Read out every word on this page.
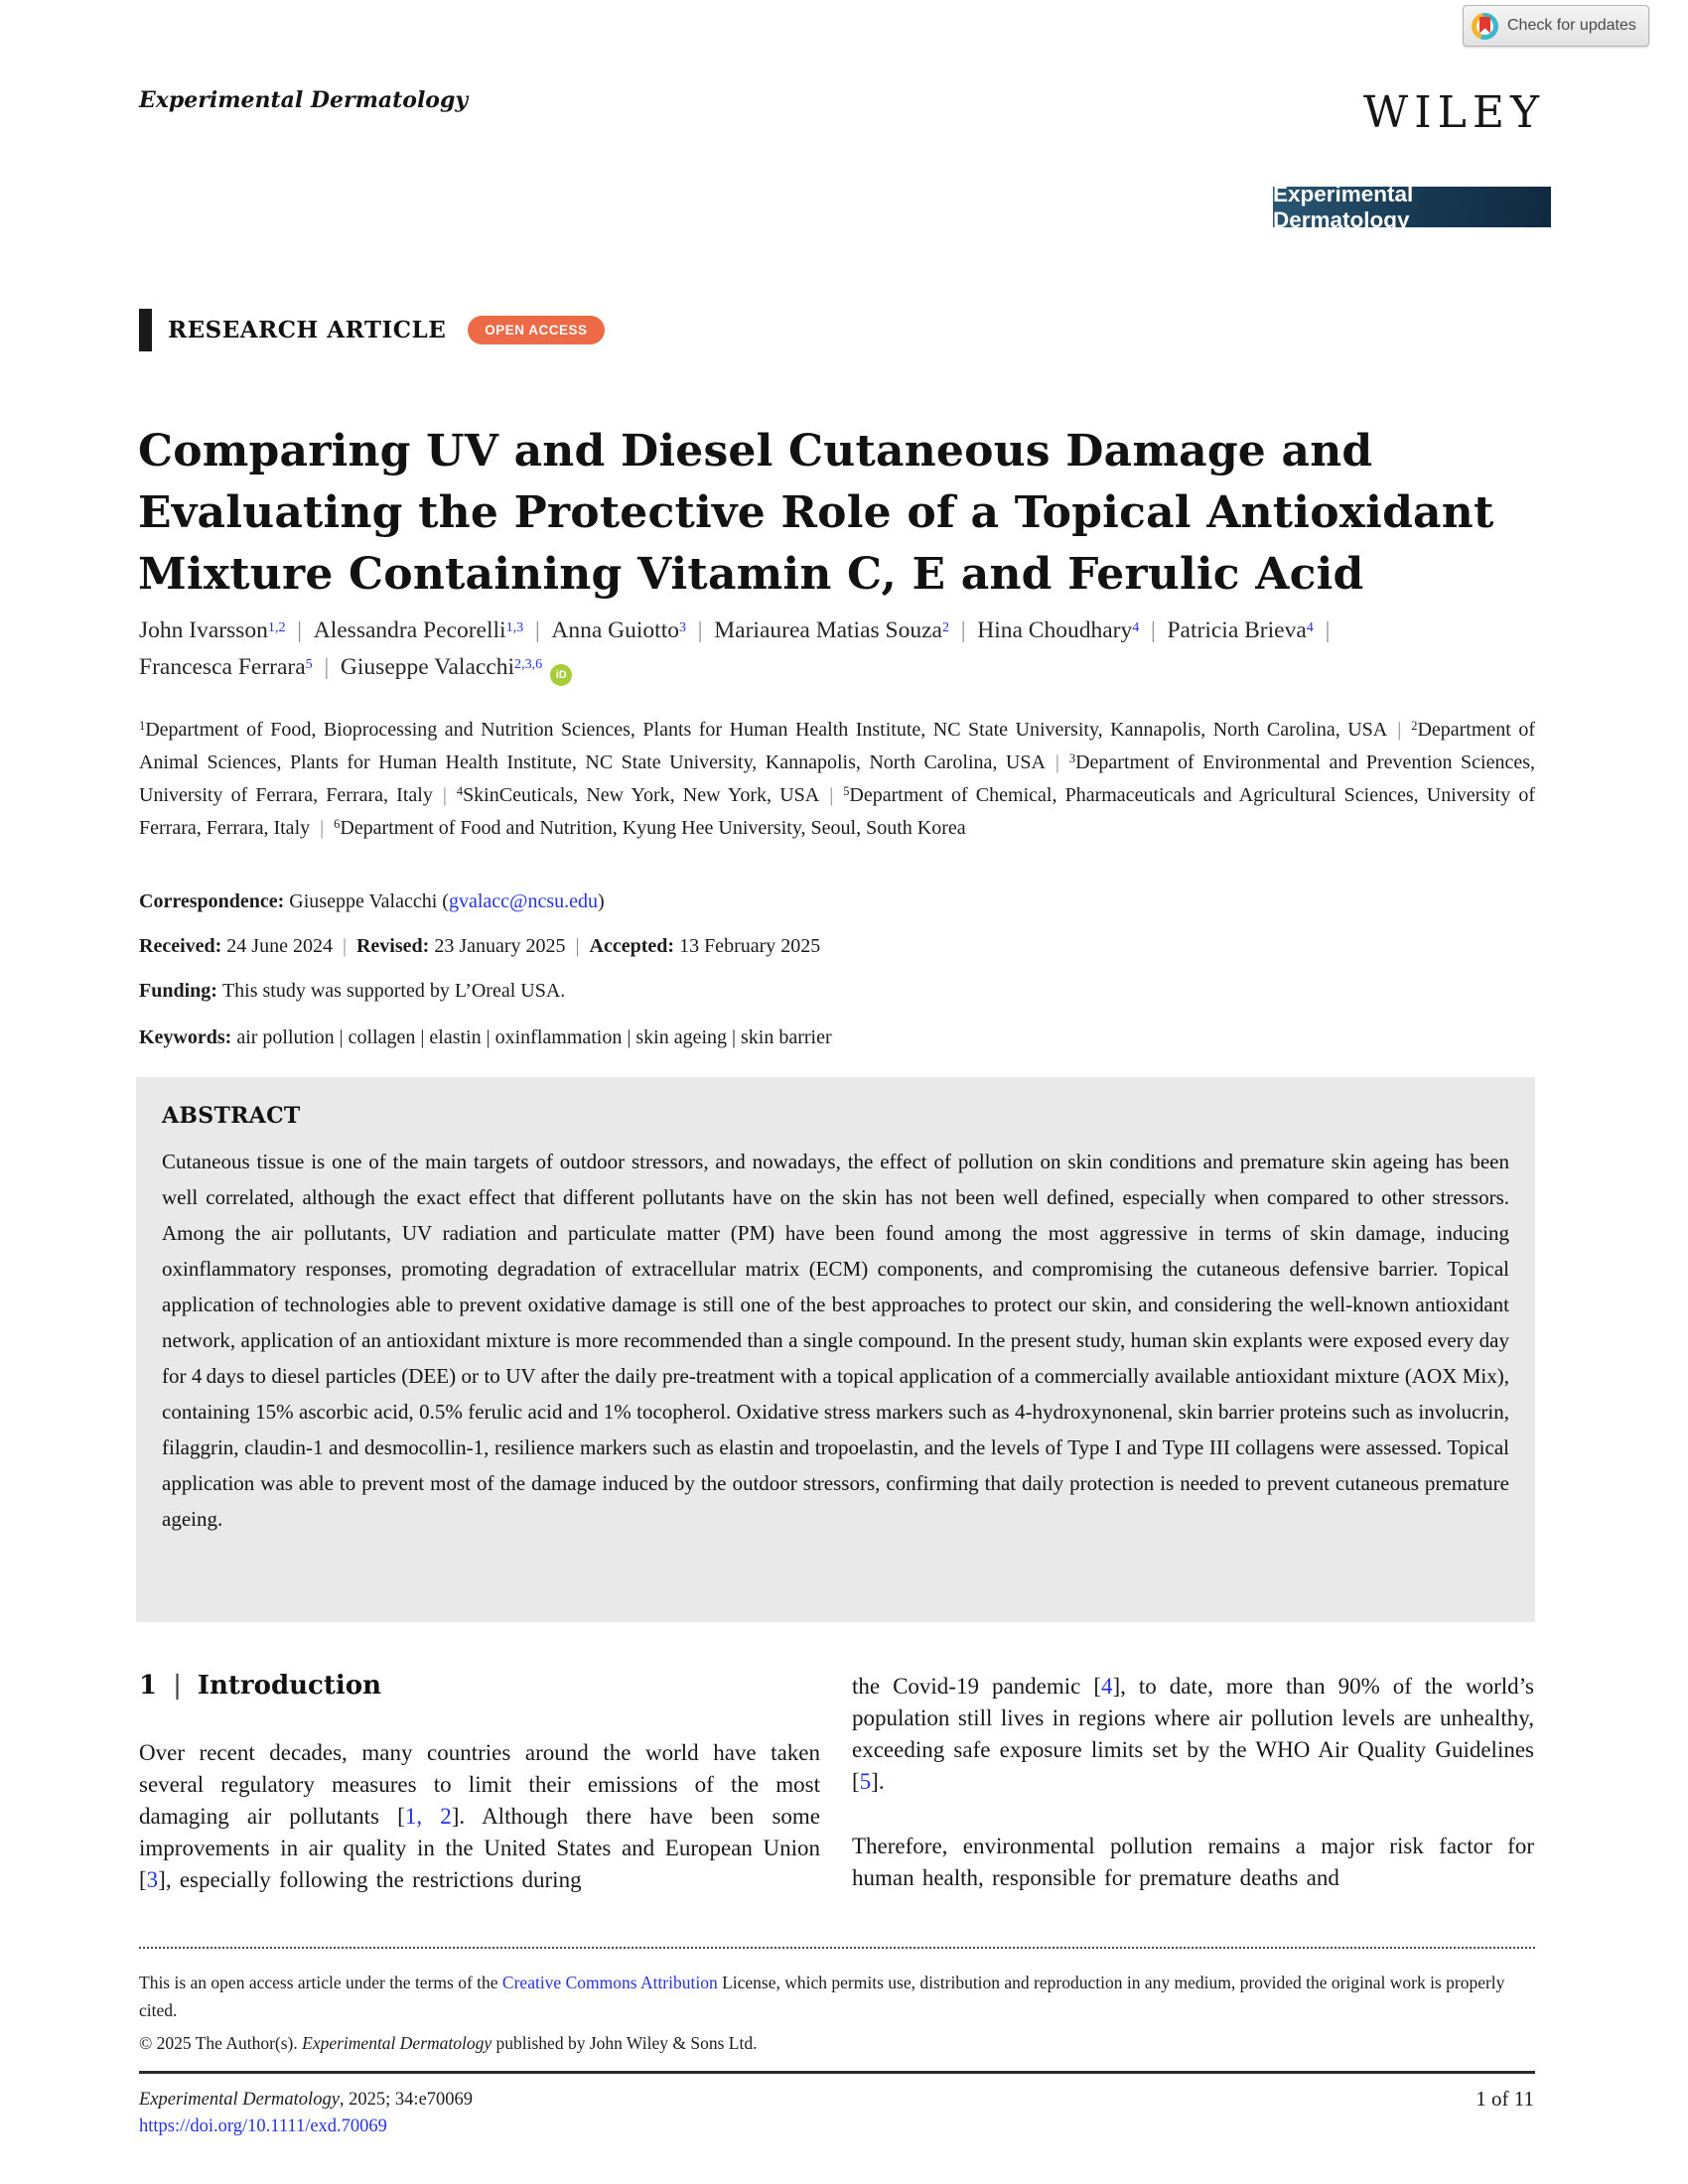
Experimental Dermatology	WILEY
Check for updates
Experimental Dermatology
RESEARCH ARTICLE	OPEN ACCESS
Comparing UV and Diesel Cutaneous Damage and
Evaluating the Protective Role of a Topical Antioxidant
Mixture Containing Vitamin C, E and Ferulic Acid
John Ivarsson$^{1,2}$ | Alessandra Pecorelli$^{1,3}$ | Anna Guiotto$^3$ | Mariaurea Matias Souza$^2$ | Hina Choudhary$^4$ | Patricia Brieva$^4$ |
Francesca Ferrara$^5$ | Giuseppe Valacchi$^{2,3,6}$iD
$^1$Department of Food, Bioprocessing and Nutrition Sciences, Plants for Human Health Institute, NC State University, Kannapolis, North Carolina, USA | $^2$Department of Animal Sciences, Plants for Human Health Institute, NC State University, Kannapolis, North Carolina, USA | $^3$Department of Environmental and Prevention Sciences, University of Ferrara, Ferrara, Italy | $^4$SkinCeuticals, New York, New York, USA | $^5$Department of Chemical, Pharmaceuticals and Agricultural Sciences, University of Ferrara, Ferrara, Italy | $^6$Department of Food and Nutrition, Kyung Hee University, Seoul, South Korea
Correspondence: Giuseppe Valacchi (gvalacc@ncsu.edu)
Received: 24 June 2024 | Revised: 23 January 2025 | Accepted: 13 February 2025
Funding: This study was supported by L’Oreal USA.
Keywords: air pollution | collagen | elastin | oxinflammation | skin ageing | skin barrier
ABSTRACT

Cutaneous tissue is one of the main targets of outdoor stressors, and nowadays, the effect of pollution on skin conditions and premature skin ageing has been well correlated, although the exact effect that different pollutants have on the skin has not been well defined, especially when compared to other stressors. Among the air pollutants, UV radiation and particulate matter (PM) have been found among the most aggressive in terms of skin damage, inducing oxinflammatory responses, promoting degradation of extracellular matrix (ECM) components, and compromising the cutaneous defensive barrier. Topical application of technologies able to prevent oxidative damage is still one of the best approaches to protect our skin, and considering the well-known antioxidant network, application of an antioxidant mixture is more recommended than a single compound. In the present study, human skin explants were exposed every day for 4 days to diesel particles (DEE) or to UV after the daily pre-treatment with a topical application of a commercially available antioxidant mixture (AOX Mix), containing 15% ascorbic acid, 0.5% ferulic acid and 1% tocopherol. Oxidative stress markers such as 4-hydroxynonenal, skin barrier proteins such as involucrin, filaggrin, claudin-1 and desmocollin-1, resilience markers such as elastin and tropoelastin, and the levels of Type I and Type III collagens were assessed. Topical application was able to prevent most of the damage induced by the outdoor stressors, confirming that daily protection is needed to prevent cutaneous premature ageing.

1 | Introduction

Over recent decades, many countries around the world have taken several regulatory measures to limit their emissions of the most damaging air pollutants [1, 2]. Although there have been some improvements in air quality in the United States and European Union [3], especially following the restrictions during

the Covid-19 pandemic [4], to date, more than 90% of the world’s population still lives in regions where air pollution levels are unhealthy, exceeding safe exposure limits set by the WHO Air Quality Guidelines [5].

Therefore, environmental pollution remains a major risk factor for human health, responsible for premature deaths and

This is an open access article under the terms of the Creative Commons Attribution License, which permits use, distribution and reproduction in any medium, provided the original work is properly cited.
© 2025 The Author(s). Experimental Dermatology published by John Wiley & Sons Ltd.
Experimental Dermatology, 2025; 34:e70069
https://doi.org/10.1111/exd.70069
1 of 11
